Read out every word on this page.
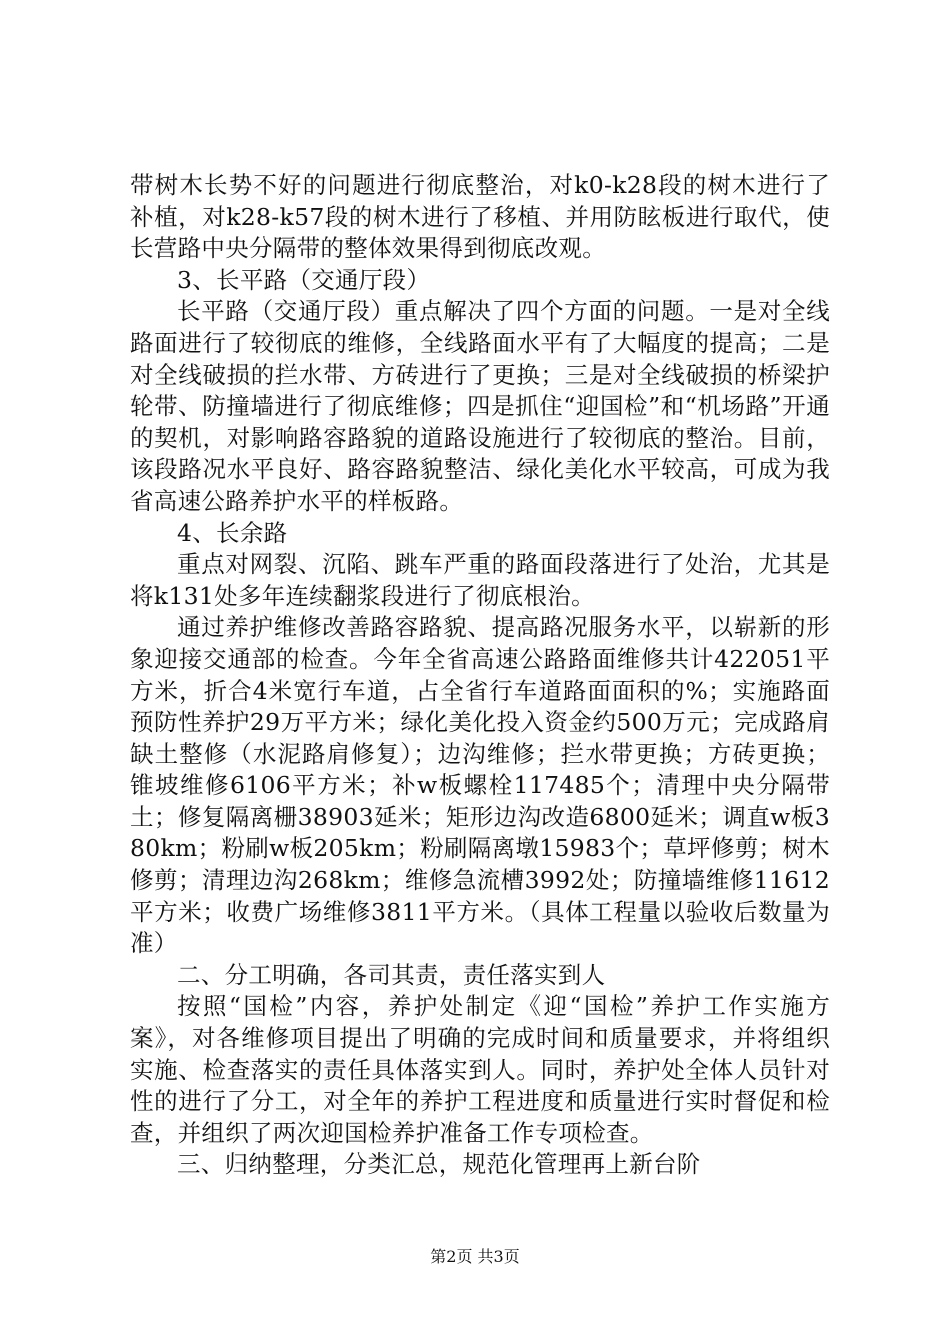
带树木长势不好的问题进行彻底整治，对k0-k28段的树木进行了补植，对k28-k57段的树木进行了移植、并用防眩板进行取代，使长营路中央分隔带的整体效果得到彻底改观。

3、长平路（交通厅段）

长平路（交通厅段）重点解决了四个方面的问题。一是对全线路面进行了较彻底的维修，全线路面水平有了大幅度的提高；二是对全线破损的拦水带、方砖进行了更换；三是对全线破损的桥梁护轮带、防撞墙进行了彻底维修；四是抓住“迎国检”和“机场路”开通的契机，对影响路容路貌的道路设施进行了较彻底的整治。目前，该段路况水平良好、路容路貌整洁、绿化美化水平较高，可成为我省高速公路养护水平的样板路。

4、长余路

重点对网裂、沉陷、跳车严重的路面段落进行了处治，尤其是将k131处多年连续翻浆段进行了彻底根治。

通过养护维修改善路容路貌、提高路况服务水平，以崭新的形象迎接交通部的检查。今年全省高速公路路面维修共计422051平方米，折合4米宽行车道，占全省行车道路面面积的%；实施路面预防性养护29万平方米；绿化美化投入资金约500万元；完成路肩缺土整修（水泥路肩修复）；边沟维修；拦水带更换；方砖更换；锥坡维修6106平方米；补w板螺栓117485个；清理中央分隔带土；修复隔离栅38903延米；矩形边沟改造6800延米；调直w板380km；粉刷w板205km；粉刷隔离墩15983个；草坪修剪；树木修剪；清理边沟268km；维修急流槽3992处；防撞墙维修11612平方米；收费广场维修3811平方米。（具体工程量以验收后数量为准）

二、分工明确，各司其责，责任落实到人

按照“国检”内容，养护处制定《迎“国检”养护工作实施方案》，对各维修项目提出了明确的完成时间和质量要求，并将组织实施、检查落实的责任具体落实到人。同时，养护处全体人员针对性的进行了分工，对全年的养护工程进度和质量进行实时督促和检查，并组织了两次迎国检养护准备工作专项检查。

三、归纳整理，分类汇总，规范化管理再上新台阶

第2页 共3页
